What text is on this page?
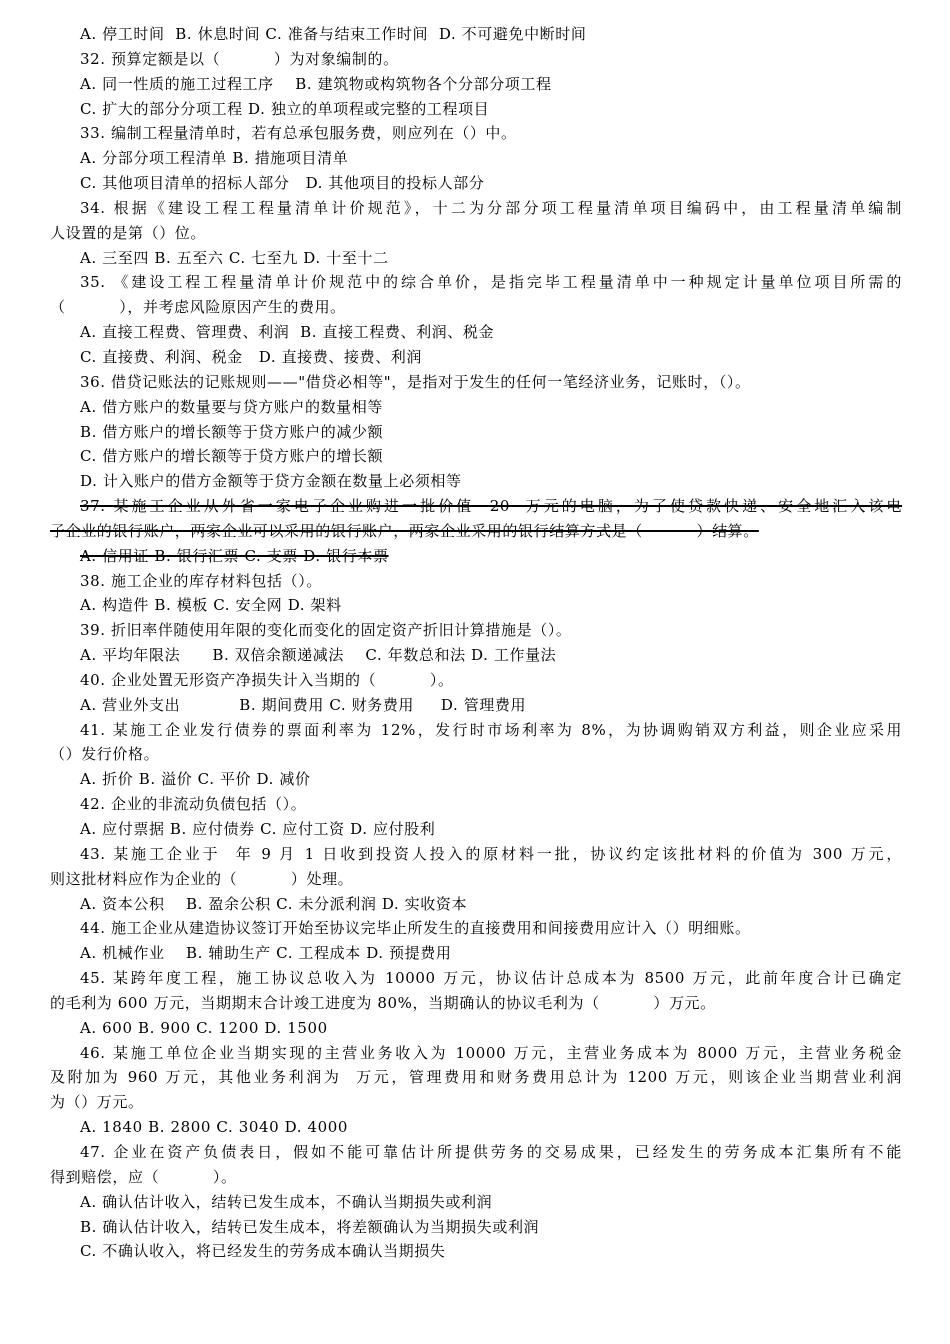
A. 停工时间  B. 休息时间 C. 准备与结束工作时间  D. 不可避免中断时间
32. 预算定额是以（          ）为对象编制的。
A. 同一性质的施工过程工序    B. 建筑物或构筑物各个分部分项工程
C. 扩大的部分分项工程 D. 独立的单项程或完整的工程项目
33. 编制工程量清单时，若有总承包服务费，则应列在（）中。
A. 分部分项工程清单 B. 措施项目清单
C. 其他项目清单的招标人部分   D. 其他项目的投标人部分
34. 根据《建设工程工程量清单计价规范》，十二为分部分项工程量清单项目编码中，由工程量清单编制
人设置的是第（）位。
A. 三至四 B. 五至六 C. 七至九 D. 十至十二
35. 《建设工程工程量清单计价规范中的综合单价，是指完毕工程量清单中一种规定计量单位项目所需的
（          ），并考虑风险原因产生的费用。
A. 直接工程费、管理费、利润  B. 直接工程费、利润、税金
C. 直接费、利润、税金   D. 直接费、接费、利润
36. 借贷记账法的记账规则——"借贷必相等"，是指对于发生的任何一笔经济业务，记账时，（）。
A. 借方账户的数量要与贷方账户的数量相等
B. 借方账户的增长额等于贷方账户的减少额
C. 借方账户的增长额等于贷方账户的增长额
D. 计入账户的借方金额等于贷方金额在数量上必须相等
37. 某施工企业从外省一家电子企业购进一批价值  20  万元的电脑，为了使贷款快递、安全地汇入该电
子企业的银行账户，两家企业可以采用的银行账户，两家企业采用的银行结算方式是（          ）结算。
A. 信用证 B. 银行汇票 C. 支票 D. 银行本票
38. 施工企业的库存材料包括（）。
A. 构造件 B. 模板 C. 安全网 D. 架料
39. 折旧率伴随使用年限的变化而变化的固定资产折旧计算措施是（）。
A. 平均年限法      B. 双倍余额递减法    C. 年数总和法 D. 工作量法
40. 企业处置无形资产净损失计入当期的（          ）。
A. 营业外支出           B. 期间费用 C. 财务费用     D. 管理费用
41. 某施工企业发行债券的票面利率为 12%，发行时市场利率为 8%，为协调购销双方利益，则企业应采用
（）发行价格。
A. 折价 B. 溢价 C. 平价 D. 减价
42. 企业的非流动负债包括（）。
A. 应付票据 B. 应付债券 C. 应付工资 D. 应付股利
43. 某施工企业于  年 9 月 1 日收到投资人投入的原材料一批，协议约定该批材料的价值为 300 万元，
则这批材料应作为企业的（          ）处理。
A. 资本公积    B. 盈余公积 C. 未分派利润 D. 实收资本
44. 施工企业从建造协议签订开始至协议完毕止所发生的直接费用和间接费用应计入（）明细账。
A. 机械作业    B. 辅助生产 C. 工程成本 D. 预提费用
45. 某跨年度工程，施工协议总收入为 10000 万元，协议估计总成本为 8500 万元，此前年度合计已确定
的毛利为 600 万元，当期期末合计竣工进度为 80%，当期确认的协议毛利为（          ）万元。
A. 600 B. 900 C. 1200 D. 1500
46. 某施工单位企业当期实现的主营业务收入为 10000 万元，主营业务成本为 8000 万元，主营业务税金
及附加为 960 万元，其他业务利润为  万元，管理费用和财务费用总计为 1200 万元，则该企业当期营业利润
为（）万元。
A. 1840 B. 2800 C. 3040 D. 4000
47. 企业在资产负债表日，假如不能可靠估计所提供劳务的交易成果，已经发生的劳务成本汇集所有不能
得到赔偿，应（          ）。
A. 确认估计收入，结转已发生成本，不确认当期损失或利润
B. 确认估计收入，结转已发生成本，将差额确认为当期损失或利润
C. 不确认收入，将已经发生的劳务成本确认当期损失
